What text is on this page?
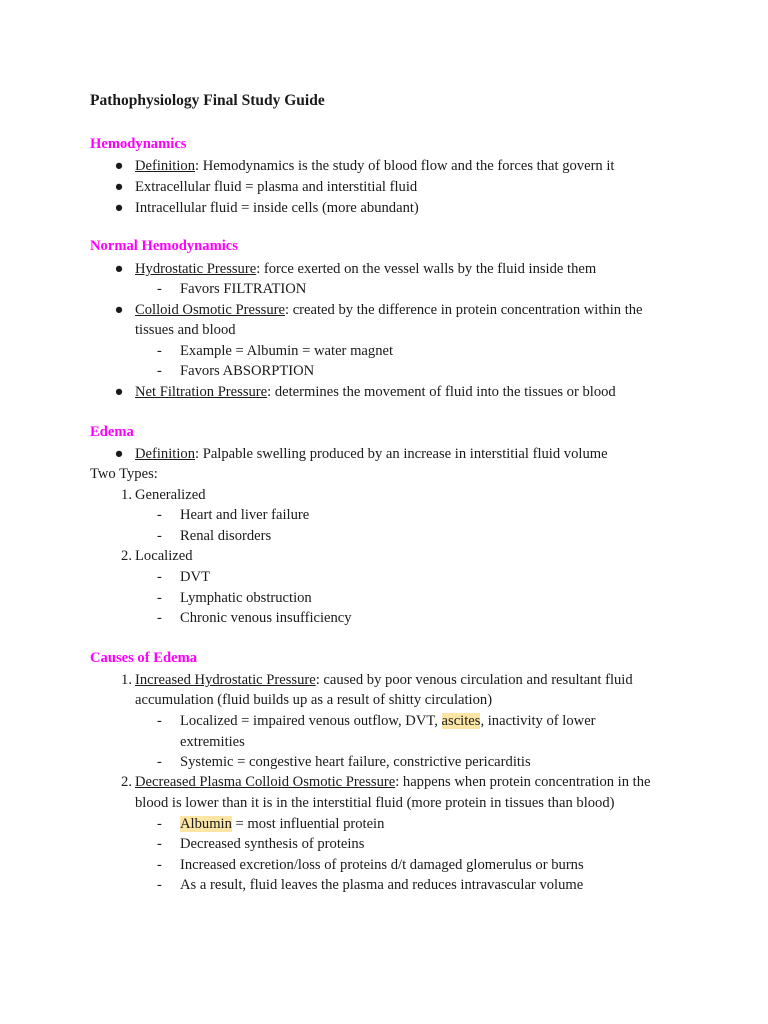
Pathophysiology Final Study Guide
Hemodynamics
● Definition: Hemodynamics is the study of blood flow and the forces that govern it
● Extracellular fluid = plasma and interstitial fluid
● Intracellular fluid = inside cells (more abundant)
Normal Hemodynamics
● Hydrostatic Pressure: force exerted on the vessel walls by the fluid inside them
- Favors FILTRATION
● Colloid Osmotic Pressure: created by the difference in protein concentration within the
tissues and blood
- Example = Albumin = water magnet
- Favors ABSORPTION
● Net Filtration Pressure: determines the movement of fluid into the tissues or blood
Edema
● Definition: Palpable swelling produced by an increase in interstitial fluid volume
Two Types:
1. Generalized
- Heart and liver failure
- Renal disorders
2. Localized
- DVT
- Lymphatic obstruction
- Chronic venous insufficiency
Causes of Edema
1. Increased Hydrostatic Pressure: caused by poor venous circulation and resultant fluid
accumulation (fluid builds up as a result of shitty circulation)
- Localized = impaired venous outflow, DVT, ascites, inactivity of lower
extremities
- Systemic = congestive heart failure, constrictive pericarditis
2. Decreased Plasma Colloid Osmotic Pressure: happens when protein concentration in the
blood is lower than it is in the interstitial fluid (more protein in tissues than blood)
- Albumin = most influential protein
- Decreased synthesis of proteins
- Increased excretion/loss of proteins d/t damaged glomerulus or burns
- As a result, fluid leaves the plasma and reduces intravascular volume
